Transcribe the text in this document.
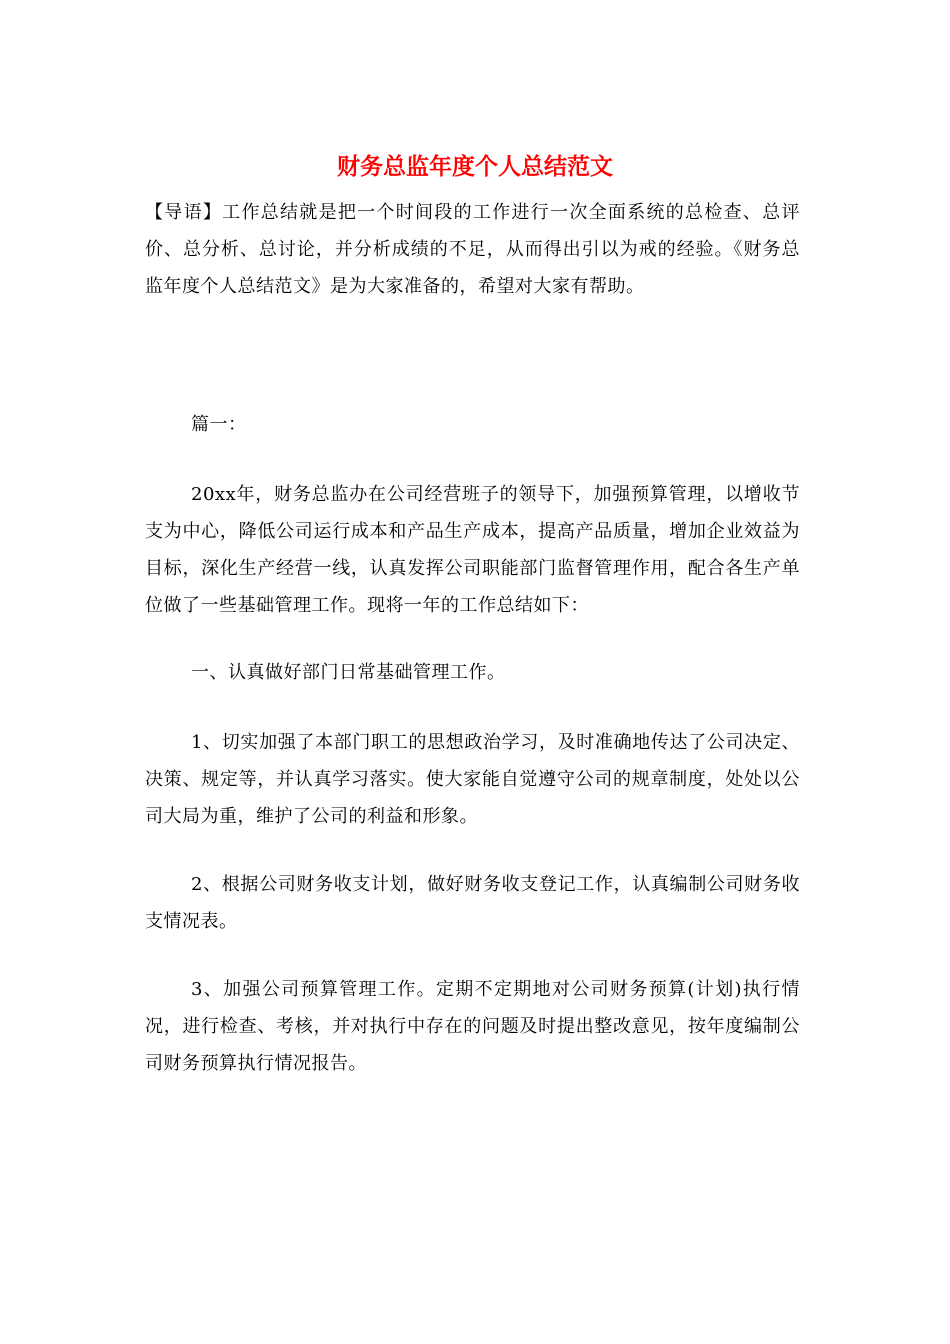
财务总监年度个人总结范文

【导语】工作总结就是把一个时间段的工作进行一次全面系统的总检查、总评价、总分析、总讨论，并分析成绩的不足，从而得出引以为戒的经验。《财务总监年度个人总结范文》是为大家准备的，希望对大家有帮助。

篇一：

20xx年，财务总监办在公司经营班子的领导下，加强预算管理，以增收节支为中心，降低公司运行成本和产品生产成本，提高产品质量，增加企业效益为目标，深化生产经营一线，认真发挥公司职能部门监督管理作用，配合各生产单位做了一些基础管理工作。现将一年的工作总结如下：

一、认真做好部门日常基础管理工作。

1、切实加强了本部门职工的思想政治学习，及时准确地传达了公司决定、决策、规定等，并认真学习落实。使大家能自觉遵守公司的规章制度，处处以公司大局为重，维护了公司的利益和形象。

2、根据公司财务收支计划，做好财务收支登记工作，认真编制公司财务收支情况表。

3、加强公司预算管理工作。定期不定期地对公司财务预算(计划)执行情况，进行检查、考核，并对执行中存在的问题及时提出整改意见，按年度编制公司财务预算执行情况报告。
